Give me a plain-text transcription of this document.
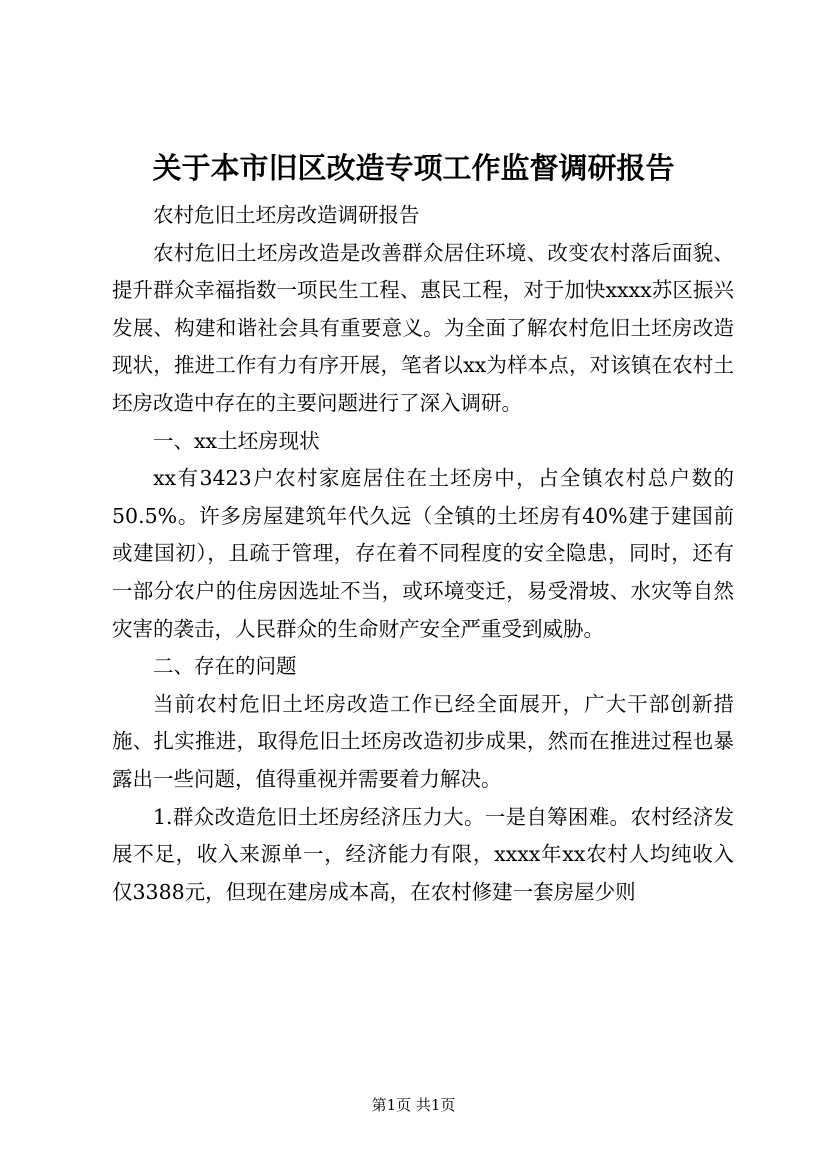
关于本市旧区改造专项工作监督调研报告

农村危旧土坯房改造调研报告

农村危旧土坯房改造是改善群众居住环境、改变农村落后面貌、提升群众幸福指数一项民生工程、惠民工程，对于加快xxxx苏区振兴发展、构建和谐社会具有重要意义。为全面了解农村危旧土坯房改造现状，推进工作有力有序开展，笔者以xx为样本点，对该镇在农村土坯房改造中存在的主要问题进行了深入调研。

一、xx土坯房现状

xx有3423户农村家庭居住在土坯房中，占全镇农村总户数的50.5%。许多房屋建筑年代久远（全镇的土坯房有40%建于建国前或建国初），且疏于管理，存在着不同程度的安全隐患，同时，还有一部分农户的住房因选址不当，或环境变迁，易受滑坡、水灾等自然灾害的袭击，人民群众的生命财产安全严重受到威胁。

二、存在的问题

当前农村危旧土坯房改造工作已经全面展开，广大干部创新措施、扎实推进，取得危旧土坯房改造初步成果，然而在推进过程也暴露出一些问题，值得重视并需要着力解决。

1.群众改造危旧土坯房经济压力大。一是自筹困难。农村经济发展不足，收入来源单一，经济能力有限，xxxx年xx农村人均纯收入仅3388元，但现在建房成本高，在农村修建一套房屋少则

第1页 共1页
